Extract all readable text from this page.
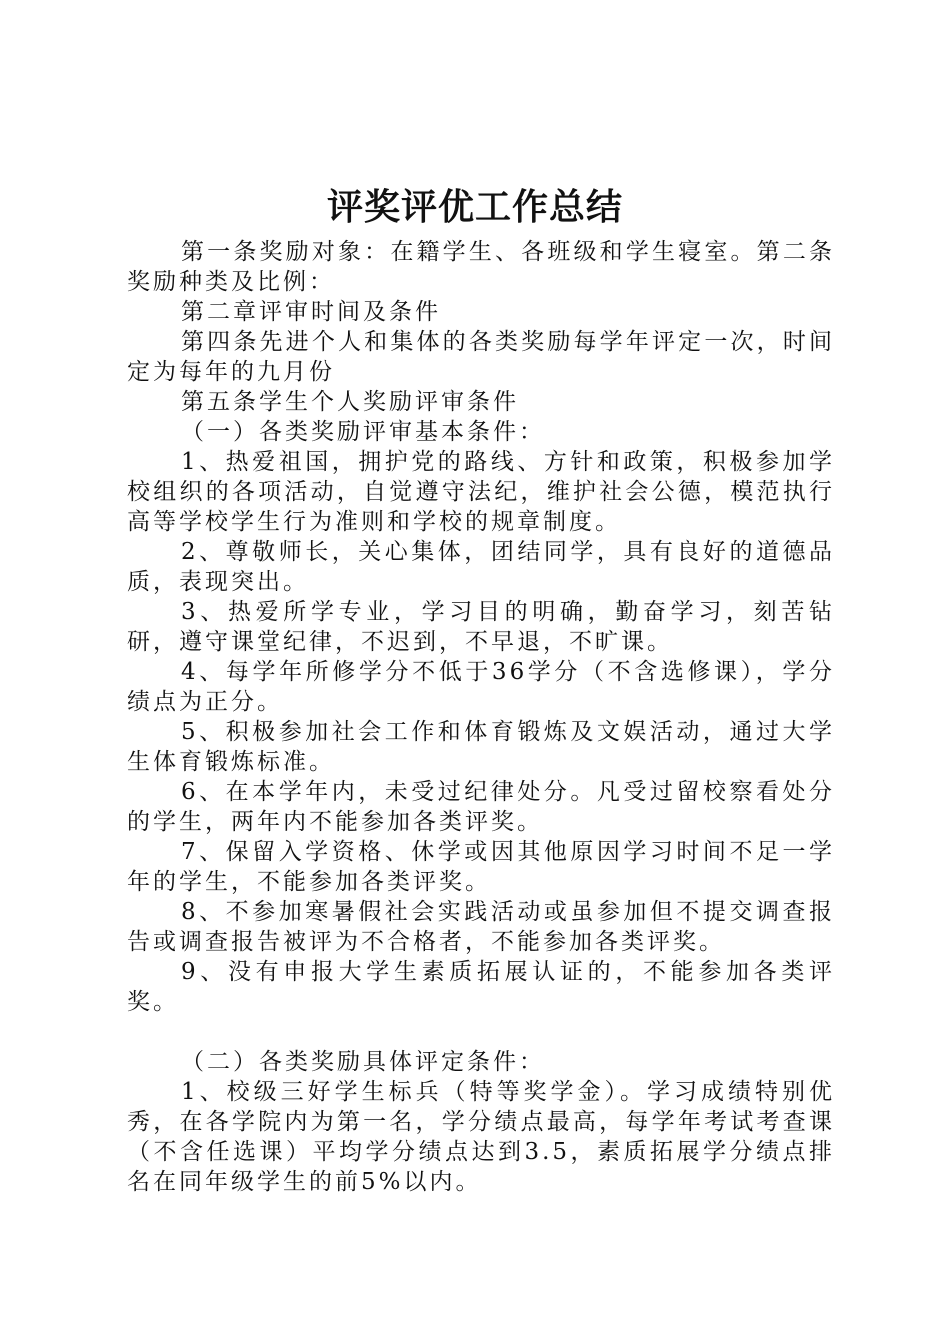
评奖评优工作总结

第一条奖励对象：在籍学生、各班级和学生寝室。第二条奖励种类及比例：

第二章评审时间及条件

第四条先进个人和集体的各类奖励每学年评定一次，时间定为每年的九月份

第五条学生个人奖励评审条件

（一）各类奖励评审基本条件：

1、热爱祖国，拥护党的路线、方针和政策，积极参加学校组织的各项活动，自觉遵守法纪，维护社会公德，模范执行高等学校学生行为准则和学校的规章制度。

2、尊敬师长，关心集体，团结同学，具有良好的道德品质，表现突出。

3、热爱所学专业，学习目的明确，勤奋学习，刻苦钻研，遵守课堂纪律，不迟到，不早退，不旷课。

4、每学年所修学分不低于36学分（不含选修课），学分绩点为正分。

5、积极参加社会工作和体育锻炼及文娱活动，通过大学生体育锻炼标准。

6、在本学年内，未受过纪律处分。凡受过留校察看处分的学生，两年内不能参加各类评奖。

7、保留入学资格、休学或因其他原因学习时间不足一学年的学生，不能参加各类评奖。

8、不参加寒暑假社会实践活动或虽参加但不提交调查报告或调查报告被评为不合格者，不能参加各类评奖。

9、没有申报大学生素质拓展认证的，不能参加各类评奖。

（二）各类奖励具体评定条件：

1、校级三好学生标兵（特等奖学金）。学习成绩特别优秀，在各学院内为第一名，学分绩点最高，每学年考试考查课（不含任选课）平均学分绩点达到3.5，素质拓展学分绩点排名在同年级学生的前5%以内。
